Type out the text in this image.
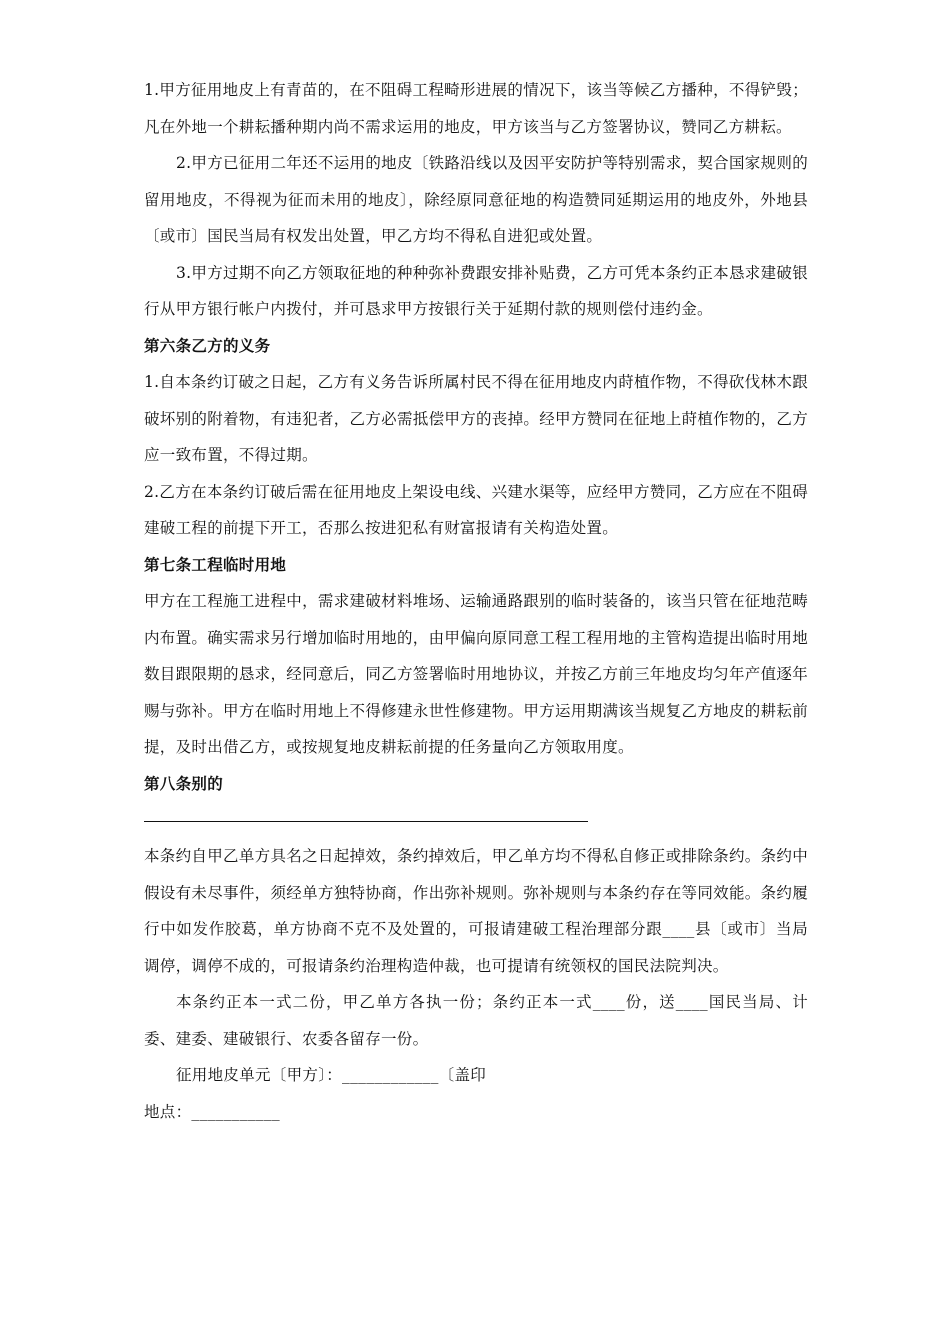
1.甲方征用地皮上有青苗的，在不阻碍工程畸形进展的情况下，该当等候乙方播种，不得铲毁；凡在外地一个耕耘播种期内尚不需求运用的地皮，甲方该当与乙方签署协议，赞同乙方耕耘。

2.甲方已征用二年还不运用的地皮〔铁路沿线以及因平安防护等特别需求，契合国家规则的留用地皮，不得视为征而未用的地皮〕，除经原同意征地的构造赞同延期运用的地皮外，外地县〔或市〕国民当局有权发出处置，甲乙方均不得私自进犯或处置。

3.甲方过期不向乙方领取征地的种种弥补费跟安排补贴费，乙方可凭本条约正本恳求建破银行从甲方银行帐户内拨付，并可恳求甲方按银行关于延期付款的规则偿付违约金。

第六条乙方的义务

1.自本条约订破之日起，乙方有义务告诉所属村民不得在征用地皮内莳植作物，不得砍伐林木跟破坏别的附着物，有违犯者，乙方必需抵偿甲方的丧掉。经甲方赞同在征地上莳植作物的，乙方应一致布置，不得过期。

2.乙方在本条约订破后需在征用地皮上架设电线、兴建水渠等，应经甲方赞同，乙方应在不阻碍建破工程的前提下开工，否那么按进犯私有财富报请有关构造处置。

第七条工程临时用地

甲方在工程施工进程中，需求建破材料堆场、运输通路跟别的临时装备的，该当只管在征地范畴内布置。确实需求另行增加临时用地的，由甲偏向原同意工程工程用地的主管构造提出临时用地数目跟限期的恳求，经同意后，同乙方签署临时用地协议，并按乙方前三年地皮均匀年产值逐年赐与弥补。甲方在临时用地上不得修建永世性修建物。甲方运用期满该当规复乙方地皮的耕耘前提，及时出借乙方，或按规复地皮耕耘前提的任务量向乙方领取用度。

第八条别的

本条约自甲乙单方具名之日起掉效，条约掉效后，甲乙单方均不得私自修正或排除条约。条约中假设有未尽事件，须经单方独特协商，作出弥补规则。弥补规则与本条约存在等同效能。条约履行中如发作胶葛，单方协商不克不及处置的，可报请建破工程治理部分跟____县〔或市〕当局调停，调停不成的，可报请条约治理构造仲裁，也可提请有统领权的国民法院判决。

本条约正本一式二份，甲乙单方各执一份；条约正本一式____份，送____国民当局、计委、建委、建破银行、农委各留存一份。

征用地皮单元〔甲方〕：____________〔盖印

地点：___________
